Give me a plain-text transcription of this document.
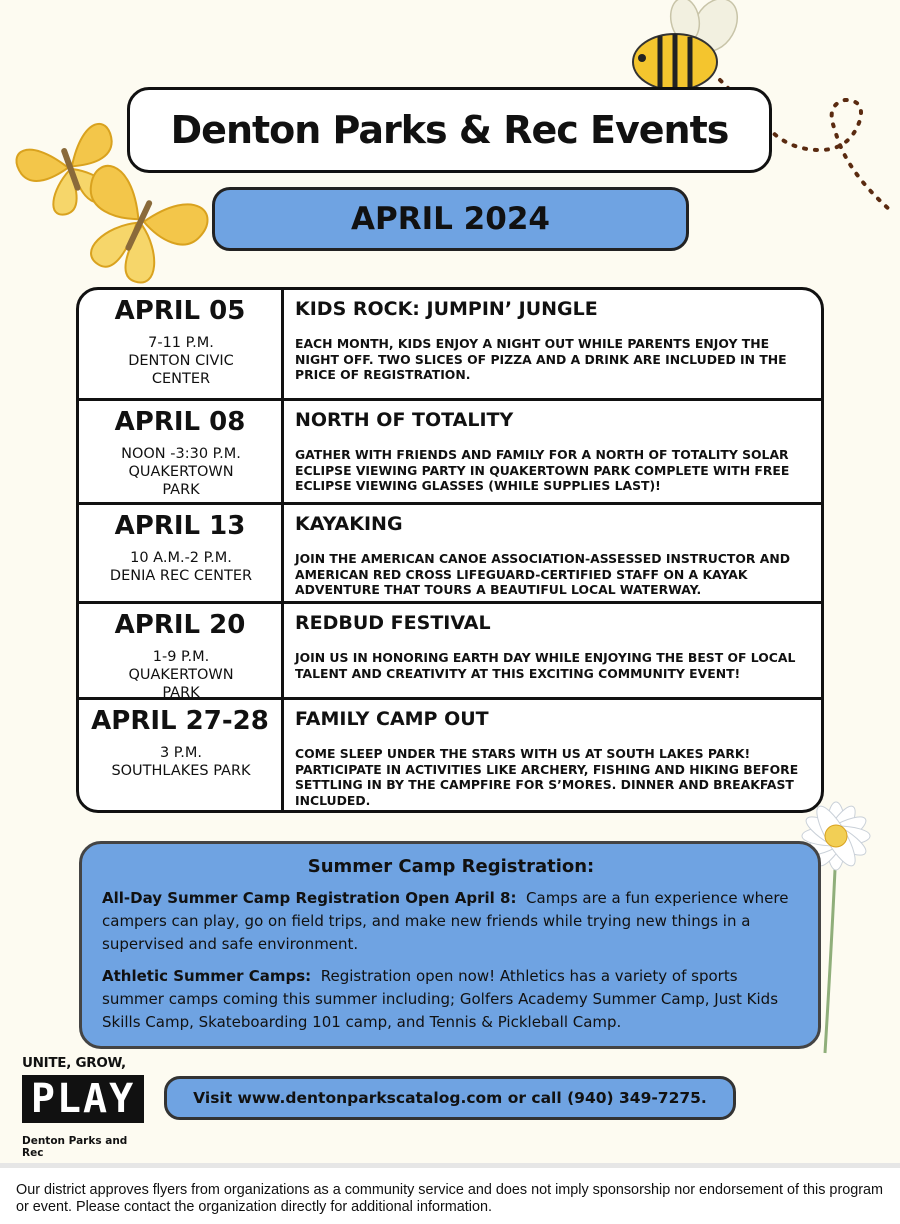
Denton Parks & Rec Events
APRIL 2024
APRIL 05
7-11 P.M.
DENTON CIVIC
CENTER
KIDS ROCK: JUMPIN’ JUNGLE
EACH MONTH, KIDS ENJOY A NIGHT OUT WHILE PARENTS ENJOY THE NIGHT OFF. TWO SLICES OF PIZZA AND A DRINK ARE INCLUDED IN THE PRICE OF REGISTRATION.
APRIL 08
NOON -3:30 P.M.
QUAKERTOWN
PARK
NORTH OF TOTALITY
GATHER WITH FRIENDS AND FAMILY FOR A NORTH OF TOTALITY SOLAR ECLIPSE VIEWING PARTY IN QUAKERTOWN PARK COMPLETE WITH FREE ECLIPSE VIEWING GLASSES (WHILE SUPPLIES LAST)!
APRIL 13
10 A.M.-2 P.M.
DENIA REC CENTER
KAYAKING
JOIN THE AMERICAN CANOE ASSOCIATION-ASSESSED INSTRUCTOR AND AMERICAN RED CROSS LIFEGUARD-CERTIFIED STAFF ON A KAYAK ADVENTURE THAT TOURS A BEAUTIFUL LOCAL WATERWAY.
APRIL 20
1-9 P.M.
QUAKERTOWN
PARK
REDBUD FESTIVAL
JOIN US IN HONORING EARTH DAY WHILE ENJOYING THE BEST OF LOCAL TALENT AND CREATIVITY AT THIS EXCITING COMMUNITY EVENT!
APRIL 27-28
3 P.M.
SOUTHLAKES PARK
FAMILY CAMP OUT
COME SLEEP UNDER THE STARS WITH US AT SOUTH LAKES PARK! PARTICIPATE IN ACTIVITIES LIKE ARCHERY, FISHING AND HIKING BEFORE SETTLING IN BY THE CAMPFIRE FOR S’MORES. DINNER AND BREAKFAST INCLUDED.
Summer Camp Registration:

All-Day Summer Camp Registration Open April 8: Camps are a fun experience where campers can play, go on field trips, and make new friends while trying new things in a supervised and safe environment.

Athletic Summer Camps: Registration open now! Athletics has a variety of sports summer camps coming this summer including; Golfers Academy Summer Camp, Just Kids Skills Camp, Skateboarding 101 camp, and Tennis & Pickleball Camp.

UNITE, GROW,
PLAY
Denton Parks and Rec
Visit www.dentonparkscatalog.com or call (940) 349-7275.
Our district approves flyers from organizations as a community service and does not imply sponsorship nor endorsement of this program or event. Please contact the organization directly for additional information.
